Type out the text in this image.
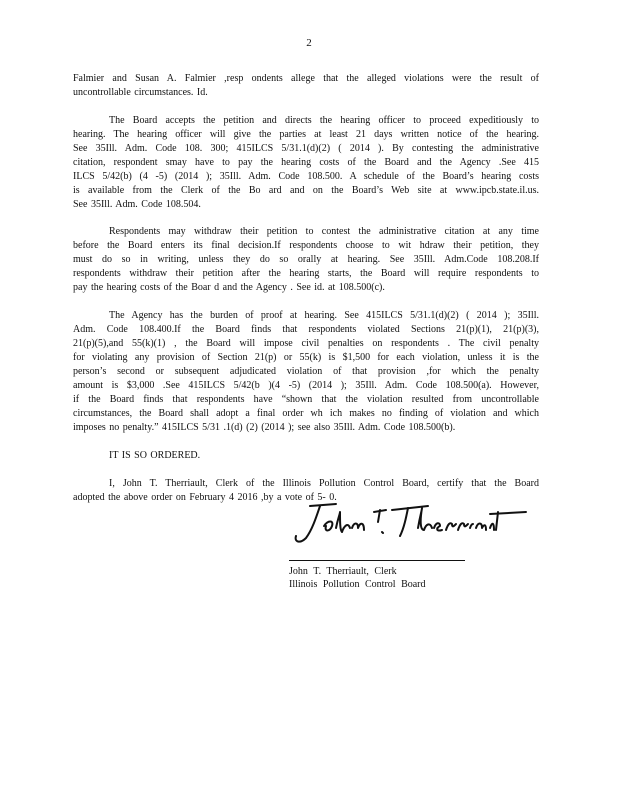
2
Falmier and Susan A. Falmier ,resp ondents allege that the alleged violations were the result of
uncontrollable circumstances. Id.
The Board accepts the petition and directs the hearing officer to proceed expeditiously to
hearing. The hearing officer will give the parties at least 21 days written notice of the hearing.
See 35Ill. Adm. Code 108. 300; 415ILCS 5/31.1(d)(2) ( 2014 ). By contesting the administrative
citation, respondent smay have to pay the hearing costs of the Board and the Agency .See 415
ILCS 5/42(b) (4 -5) (2014 ); 35Ill. Adm. Code 108.500. A schedule of the Board’s hearing costs
is available from the Clerk of the Bo ard and on the Board’s Web site at www.ipcb.state.il.us.
See 35Ill. Adm. Code 108.504.
Respondents may withdraw their petition to contest the administrative citation at any time
before the Board enters its final decision.If respondents choose to wit hdraw their petition, they
must do so in writing, unless they do so orally at hearing. See 35Ill. Adm.Code 108.208.If
respondents withdraw their petition after the hearing starts, the Board will require respondents to
pay the hearing costs of the Boar d and the Agency . See id. at 108.500(c).
The Agency has the burden of proof at hearing. See 415ILCS 5/31.1(d)(2) ( 2014 ); 35Ill.
Adm. Code 108.400.If the Board finds that respondents violated Sections 21(p)(1), 21(p)(3),
21(p)(5),and 55(k)(1) , the Board will impose civil penalties on respondents . The civil penalty
for violating any provision of Section 21(p) or 55(k) is $1,500 for each violation, unless it is the
person’s second or subsequent adjudicated violation of that provision ,for which the penalty
amount is $3,000 .See 415ILCS 5/42(b )(4 -5) (2014 ); 35Ill. Adm. Code 108.500(a). However,
if the Board finds that respondents have “shown that the violation resulted from uncontrollable
circumstances, the Board shall adopt a final order wh ich makes no finding of violation and which
imposes no penalty.” 415ILCS 5/31 .1(d) (2) (2014 ); see also 35Ill. Adm. Code 108.500(b).
IT IS SO ORDERED.
I, John T. Therriault, Clerk of the Illinois Pollution Control Board, certify that the Board
adopted the above order on February 4 2016 ,by a vote of 5- 0.
John T. Therriault, Clerk
Illinois Pollution Control Board
